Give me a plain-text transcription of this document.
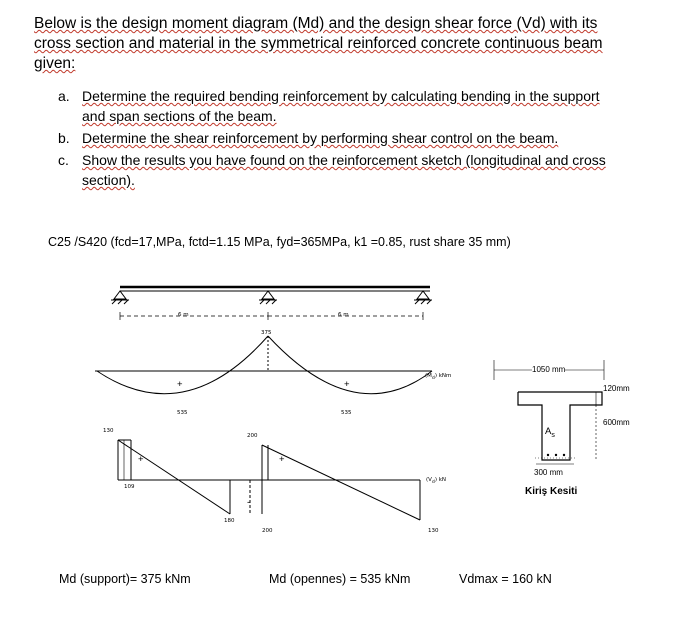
Below is the design moment diagram (Md) and the design shear force (Vd) with its
cross section and material in the symmetrical reinforced concrete continuous beam
given:
a. Determine the required bending reinforcement by calculating bending in the support
and span sections of the beam.
b. Determine the shear reinforcement by performing shear control on the beam.
c. Show the results you have found on the reinforcement sketch (longitudinal and cross
section).
C25 /S420 (fcd=17,MPa, fctd=1.15 MPa, fyd=365MPa, k1 =0.85, rust share 35 mm)
6 m	6 m
375
535	535
+	+
$(M_d)$ kNm
130
109
200
180
200	130
+	+
-
$(V_d)$ kN
1050 mm
120mm
600mm
$A_s$
300 mm
Kiriş Kesiti
Md (support)= 375 kNm	Md (opennes) = 535 kNm	Vdmax = 160 kN
